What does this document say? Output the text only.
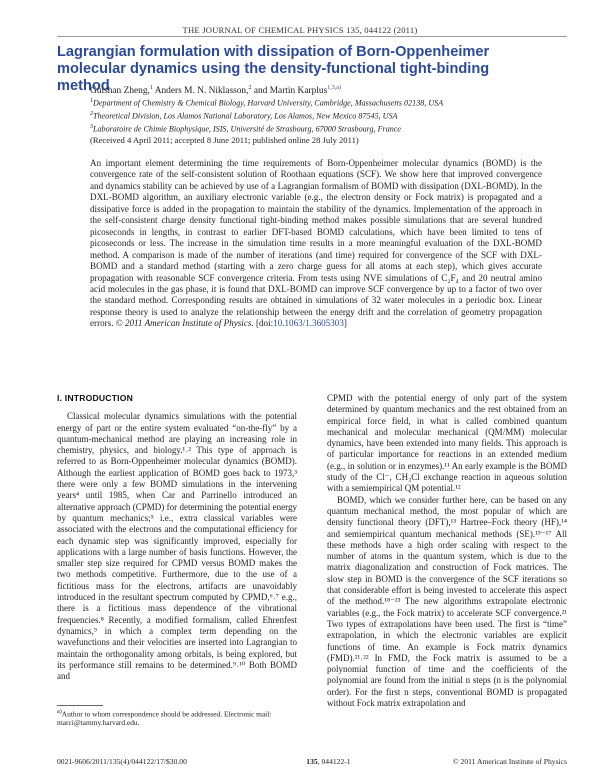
THE JOURNAL OF CHEMICAL PHYSICS 135, 044122 (2011)
Lagrangian formulation with dissipation of Born-Oppenheimer molecular dynamics using the density-functional tight-binding method
Guishan Zheng,$^1$ Anders M. N. Niklasson,$^2$ and Martin Karplus$^{1,3,a)}$
$^1$Department of Chemistry & Chemical Biology, Harvard University, Cambridge, Massachusetts 02138, USA
$^2$Theoretical Division, Los Alamos National Laboratory, Los Alamos, New Mexico 87545, USA
$^3$Laboratoire de Chimie Biophysique, ISIS, Université de Strasbourg, 67000 Strasbourg, France
(Received 4 April 2011; accepted 8 June 2011; published online 28 July 2011)

An important element determining the time requirements of Born-Oppenheimer molecular dynamics (BOMD) is the convergence rate of the self-consistent solution of Roothaan equations (SCF). We show here that improved convergence and dynamics stability can be achieved by use of a Lagrangian formalism of BOMD with dissipation (DXL-BOMD). In the DXL-BOMD algorithm, an auxiliary electronic variable (e.g., the electron density or Fock matrix) is propagated and a dissipative force is added in the propagation to maintain the stability of the dynamics. Implementation of the approach in the self-consistent charge density functional tight-binding method makes possible simulations that are several hundred picoseconds in lengths, in contrast to earlier DFT-based BOMD calculations, which have been limited to tens of picoseconds or less. The increase in the simulation time results in a more meaningful evaluation of the DXL-BOMD method. A comparison is made of the number of iterations (and time) required for convergence of the SCF with DXL-BOMD and a standard method (starting with a zero charge guess for all atoms at each step), which gives accurate propagation with reasonable SCF convergence criteria. From tests using NVE simulations of C₂F₄ and 20 neutral amino acid molecules in the gas phase, it is found that DXL-BOMD can improve SCF convergence by up to a factor of two over the standard method. Corresponding results are obtained in simulations of 32 water molecules in a periodic box. Linear response theory is used to analyze the relationship between the energy drift and the correlation of geometry propagation errors. © 2011 American Institute of Physics. [doi:10.1063/1.3605303]

I. INTRODUCTION

Classical molecular dynamics simulations with the potential energy of part or the entire system evaluated “on-the-fly” by a quantum-mechanical method are playing an increasing role in chemistry, physics, and biology.¹˒² This type of approach is referred to as Born-Oppenheimer molecular dynamics (BOMD). Although the earliest application of BOMD goes back to 1973,³ there were only a few BOMD simulations in the intervening years⁴ until 1985, when Car and Parrinello introduced an alternative approach (CPMD) for determining the potential energy by quantum mechanics;⁵ i.e., extra classical variables were associated with the electrons and the computational efficiency for each dynamic step was significantly improved, especially for applications with a large number of basis functions. However, the smaller step size required for CPMD versus BOMD makes the two methods competitive. Furthermore, due to the use of a fictitious mass for the electrons, artifacts are unavoidably introduced in the resultant spectrum computed by CPMD,⁶˒⁷ e.g., there is a fictitious mass dependence of the vibrational frequencies.⁸ Recently, a modified formalism, called Ehrenfest dynamics,⁹ in which a complex term depending on the wavefunctions and their velocities are inserted into Lagrangian to maintain the orthogonality among orbitals, is being explored, but its performance still remains to be determined.⁹˒¹⁰ Both BOMD and

CPMD with the potential energy of only part of the system determined by quantum mechanics and the rest obtained from an empirical force field, in what is called combined quantum mechanical and molecular mechanical (QM/MM) molecular dynamics, have been extended into many fields. This approach is of particular importance for reactions in an extended medium (e.g., in solution or in enzymes).¹¹ An early example is the BOMD study of the Cl⁻, CH₃Cl exchange reaction in aqueous solution with a semiempirical QM potential.¹²

BOMD, which we consider further here, can be based on any quantum mechanical method, the most popular of which are density functional theory (DFT),¹³ Hartree–Fock theory (HF),¹⁴ and semiempirical quantum mechanical methods (SE).¹⁵⁻¹⁷ All these methods have a high order scaling with respect to the number of atoms in the quantum system, which is due to the matrix diagonalization and construction of Fock matrices. The slow step in BOMD is the convergence of the SCF iterations so that considerable effort is being invested to accelerate this aspect of the method.¹⁸⁻²³ The new algorithms extrapolate electronic variables (e.g., the Fock matrix) to accelerate SCF convergence.²¹ Two types of extrapolations have been used. The first is “time” extrapolation, in which the electronic variables are explicit functions of time. An example is Fock matrix dynamics (FMD).²¹˒²² In FMD, the Fock matrix is assumed to be a polynomial function of time and the coefficients of the polynomial are found from the initial n steps (n is the polynomial order). For the first n steps, conventional BOMD is propagated without Fock matrix extrapolation and

$^{a)}$Author to whom correspondence should be addressed. Electronic mail: marci@tammy.harvard.edu.
0021-9606/2011/135(4)/044122/17/$30.00	135 , 044122-1	© 2011 American Institute of Physics
